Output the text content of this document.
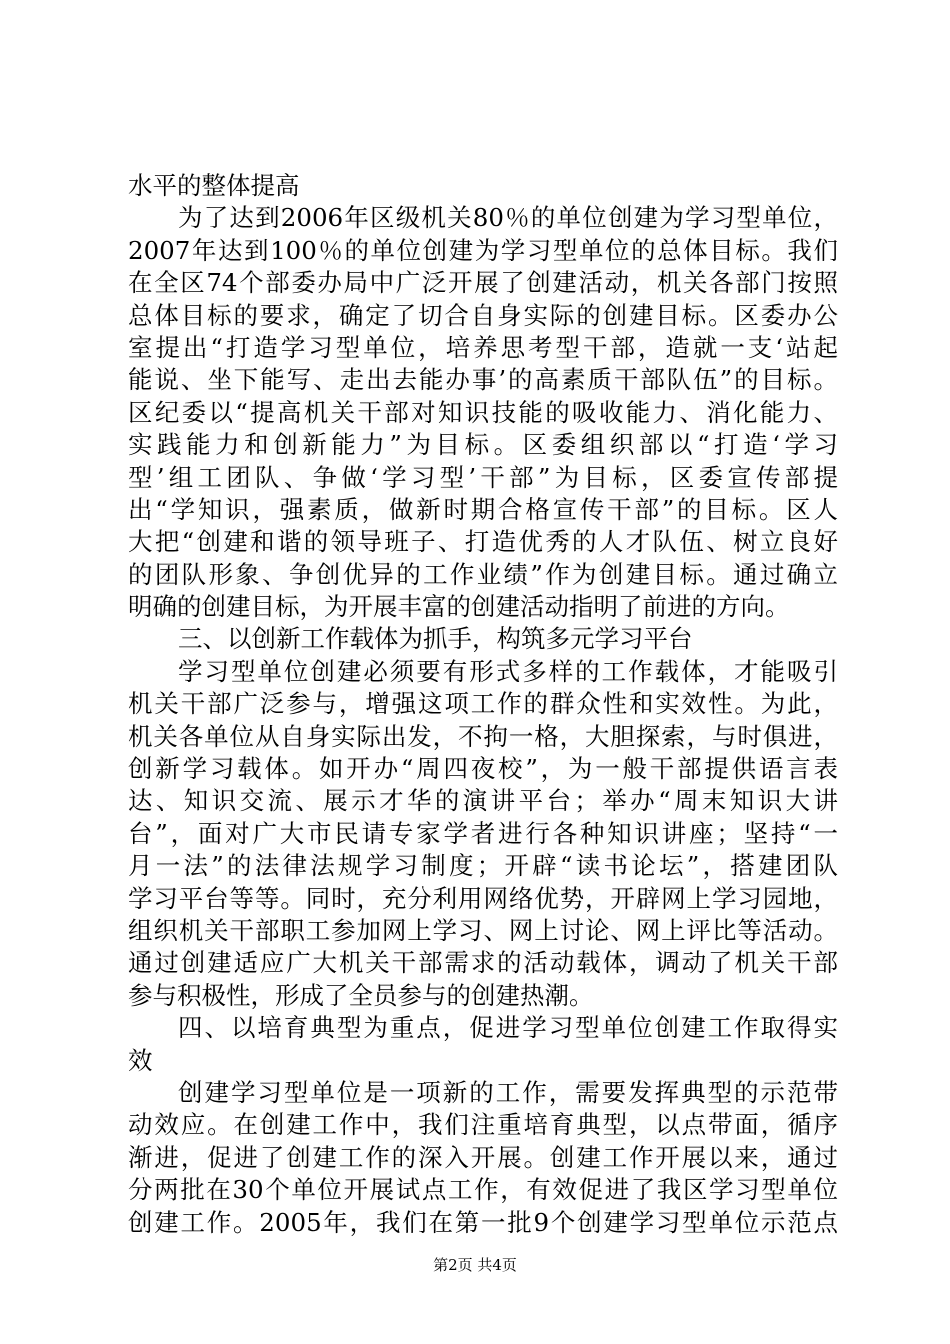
水平的整体提高
为了达到2006年区级机关80％的单位创建为学习型单位，
2007年达到100％的单位创建为学习型单位的总体目标。我们
在全区74个部委办局中广泛开展了创建活动，机关各部门按照
总体目标的要求，确定了切合自身实际的创建目标。区委办公
室提出“打造学习型单位，培养思考型干部，造就一支‘站起
能说、坐下能写、走出去能办事’的高素质干部队伍”的目标。
区纪委以“提高机关干部对知识技能的吸收能力、消化能力、
实践能力和创新能力”为目标。区委组织部以“打造‘学习
型’组工团队、争做‘学习型’干部”为目标，区委宣传部提
出“学知识，强素质，做新时期合格宣传干部”的目标。区人
大把“创建和谐的领导班子、打造优秀的人才队伍、树立良好
的团队形象、争创优异的工作业绩”作为创建目标。通过确立
明确的创建目标，为开展丰富的创建活动指明了前进的方向。
三、以创新工作载体为抓手，构筑多元学习平台
学习型单位创建必须要有形式多样的工作载体，才能吸引
机关干部广泛参与，增强这项工作的群众性和实效性。为此，
机关各单位从自身实际出发，不拘一格，大胆探索，与时俱进，
创新学习载体。如开办“周四夜校”，为一般干部提供语言表
达、知识交流、展示才华的演讲平台；举办“周末知识大讲
台”，面对广大市民请专家学者进行各种知识讲座；坚持“一
月一法”的法律法规学习制度；开辟“读书论坛”，搭建团队
学习平台等等。同时，充分利用网络优势，开辟网上学习园地，
组织机关干部职工参加网上学习、网上讨论、网上评比等活动。
通过创建适应广大机关干部需求的活动载体，调动了机关干部
参与积极性，形成了全员参与的创建热潮。
四、以培育典型为重点，促进学习型单位创建工作取得实
效
创建学习型单位是一项新的工作，需要发挥典型的示范带
动效应。在创建工作中，我们注重培育典型，以点带面，循序
渐进，促进了创建工作的深入开展。创建工作开展以来，通过
分两批在30个单位开展试点工作，有效促进了我区学习型单位
创建工作。2005年，我们在第一批9个创建学习型单位示范点
第2页 共4页
